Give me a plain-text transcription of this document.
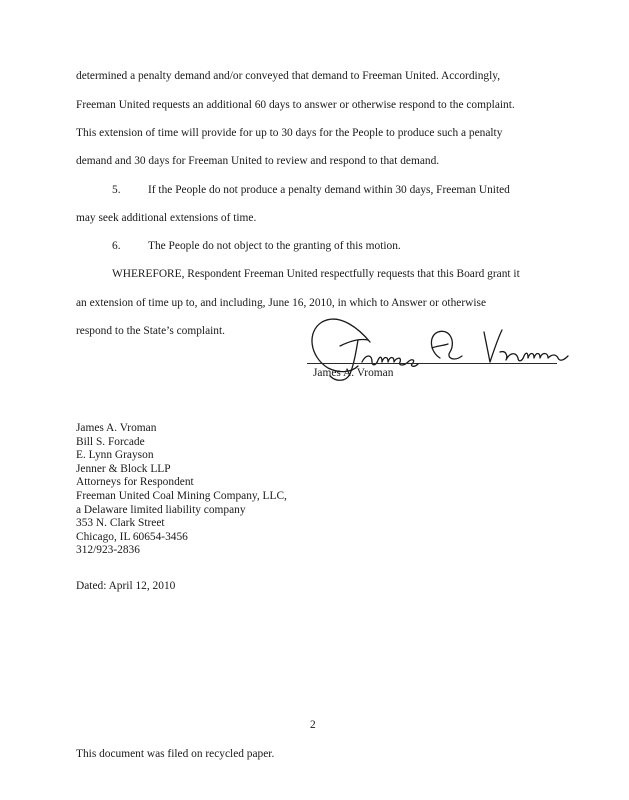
determined a penalty demand and/or conveyed that demand to Freeman United. Accordingly,
Freeman United requests an additional 60 days to answer or otherwise respond to the complaint.
This extension of time will provide for up to 30 days for the People to produce such a penalty
demand and 30 days for Freeman United to review and respond to that demand.
5. If the People do not produce a penalty demand within 30 days, Freeman United
may seek additional extensions of time.
6. The People do not object to the granting of this motion.
WHEREFORE, Respondent Freeman United respectfully requests that this Board grant it
an extension of time up to, and including, June 16, 2010, in which to Answer or otherwise
respond to the State’s complaint.
James A. Vroman
James A. Vroman
Bill S. Forcade
E. Lynn Grayson
Jenner & Block LLP
Attorneys for Respondent
Freeman United Coal Mining Company, LLC,
a Delaware limited liability company
353 N. Clark Street
Chicago, IL 60654-3456
312/923-2836
Dated: April 12, 2010
2
This document was filed on recycled paper.
